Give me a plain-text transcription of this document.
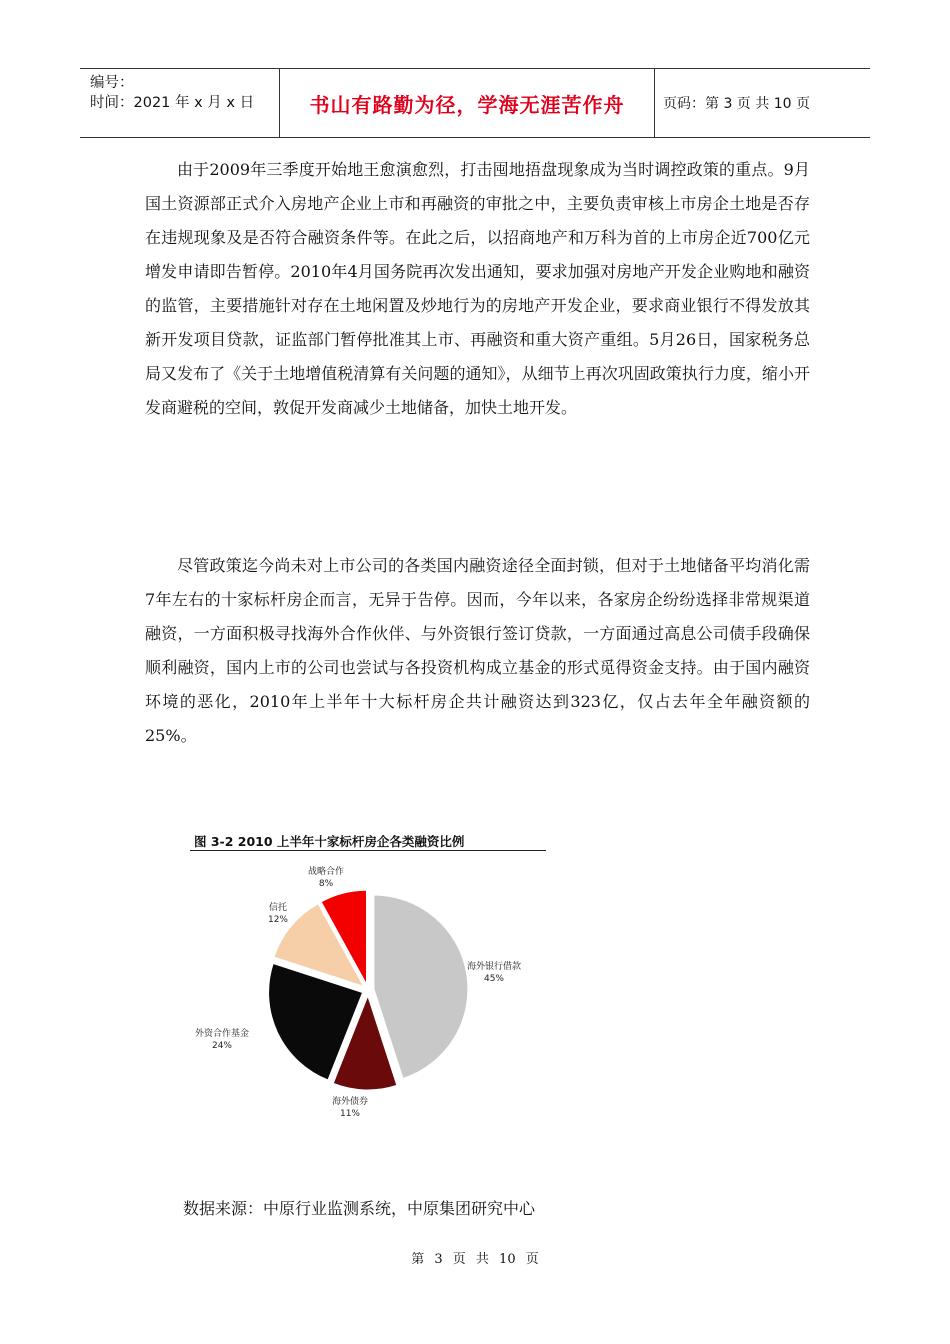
编号：
时间：2021 年 x 月 x 日	书山有路勤为径，学海无涯苦作舟	页码：第 3 页 共 10 页

由于2009年三季度开始地王愈演愈烈，打击囤地捂盘现象成为当时调控政策的重点。9月国土资源部正式介入房地产企业上市和再融资的审批之中，主要负责审核上市房企土地是否存在违规现象及是否符合融资条件等。在此之后，以招商地产和万科为首的上市房企近700亿元增发申请即告暂停。2010年4月国务院再次发出通知，要求加强对房地产开发企业购地和融资的监管，主要措施针对存在土地闲置及炒地行为的房地产开发企业，要求商业银行不得发放其新开发项目贷款，证监部门暂停批准其上市、再融资和重大资产重组。5月26日，国家税务总局又发布了《关于土地增值税清算有关问题的通知》，从细节上再次巩固政策执行力度，缩小开发商避税的空间，敦促开发商减少土地储备，加快土地开发。

尽管政策迄今尚未对上市公司的各类国内融资途径全面封锁，但对于土地储备平均消化需7年左右的十家标杆房企而言，无异于告停。因而，今年以来，各家房企纷纷选择非常规渠道融资，一方面积极寻找海外合作伙伴、与外资银行签订贷款，一方面通过高息公司债手段确保顺利融资，国内上市的公司也尝试与各投资机构成立基金的形式觅得资金支持。由于国内融资环境的恶化，2010年上半年十大标杆房企共计融资达到323亿，仅占去年全年融资额的25%。

图 3-2 2010 上半年十家标杆房企各类融资比例
海外银行借款
45%
海外债券
11%
外资合作基金
24%
信托
12%
战略合作
8%
数据来源：中原行业监测系统，中原集团研究中心
第 3 页 共 10 页
